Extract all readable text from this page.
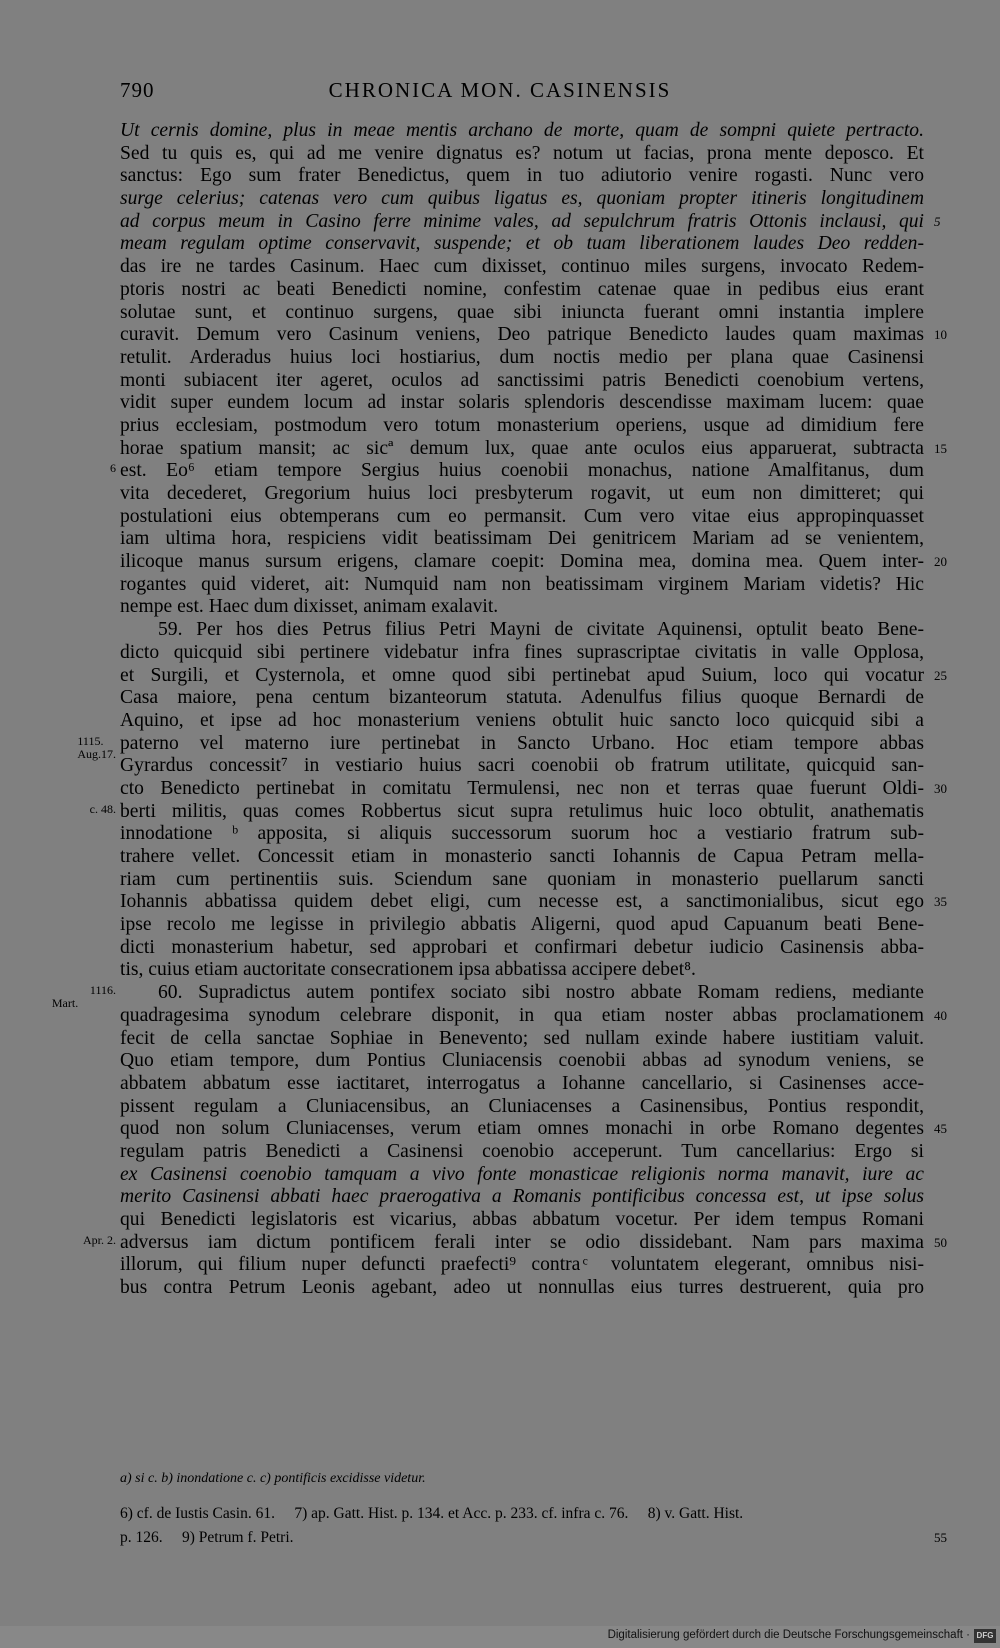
790	CHRONICA MON. CASINENSIS
Ut cernis domine, plus in meae mentis archano de morte, quam de sompni quiete pertracto.
Sed tu quis es, qui ad me venire dignatus es? notum ut facias, prona mente deposco. Et
sanctus: Ego sum frater Benedictus, quem in tuo adiutorio venire rogasti. Nunc vero
surge celerius; catenas vero cum quibus ligatus es, quoniam propter itineris longitudinem
ad corpus meum in Casino ferre minime vales, ad sepulchrum fratris Ottonis inclausi, qui 5
meam regulam optime conservavit, suspende; et ob tuam liberationem laudes Deo redden-
das ire ne tardes Casinum. Haec cum dixisset, continuo miles surgens, invocato Redem-
ptoris nostri ac beati Benedicti nomine, confestim catenae quae in pedibus eius erant
solutae sunt, et continuo surgens, quae sibi iniuncta fuerant omni instantia implere
curavit. Demum vero Casinum veniens, Deo patrique Benedicto laudes quam maximas 10
retulit. Arderadus huius loci hostiarius, dum noctis medio per plana quae Casinensi
monti subiacent iter ageret, oculos ad sanctissimi patris Benedicti coenobium vertens,
vidit super eundem locum ad instar solaris splendoris descendisse maximam lucem: quae
prius ecclesiam, postmodum vero totum monasterium operiens, usque ad dimidium fere
horae spatium mansit; ac sicª demum lux, quae ante oculos eius apparuerat, subtracta 15
est. Eo⁶ etiam tempore Sergius huius coenobii monachus, natione Amalfitanus, dum
6
vita decederet, Gregorium huius loci presbyterum rogavit, ut eum non dimitteret; qui
postulationi eius obtemperans cum eo permansit. Cum vero vitae eius appropinquasset
iam ultima hora, respiciens vidit beatissimam Dei genitricem Mariam ad se venientem,
ilicoque manus sursum erigens, clamare coepit: Domina mea, domina mea. Quem inter- 20
rogantes quid videret, ait: Numquid nam non beatissimam virginem Mariam videtis? Hic
nempe est. Haec dum dixisset, animam exalavit.
59. Per hos dies Petrus filius Petri Mayni de civitate Aquinensi, optulit beato Bene-
dicto quicquid sibi pertinere videbatur infra fines suprascriptae civitatis in valle Opplosa,
et Surgili, et Cysternola, et omne quod sibi pertinebat apud Suium, loco qui vocatur 25
Casa maiore, pena centum bizanteorum statuta. Adenulfus filius quoque Bernardi de
Aquino, et ipse ad hoc monasterium veniens obtulit huic sancto loco quicquid sibi a
paterno vel materno iure pertinebat in Sancto Urbano. Hoc etiam tempore abbas
1115.
Aug.17.
Gyrardus concessit⁷ in vestiario huius sacri coenobii ob fratrum utilitate, quicquid san-
cto Benedicto pertinebat in comitatu Termulensi, nec non et terras quae fuerunt Oldi- 30
berti militis, quas comes Robbertus sicut supra retulimus huic loco obtulit, anathematis
c. 48.
innodatione ᵇ apposita, si aliquis successorum suorum hoc a vestiario fratrum sub-
trahere vellet. Concessit etiam in monasterio sancti Iohannis de Capua Petram mella-
riam cum pertinentiis suis. Sciendum sane quoniam in monasterio puellarum sancti
Iohannis abbatissa quidem debet eligi, cum necesse est, a sanctimonialibus, sicut ego 35
ipse recolo me legisse in privilegio abbatis Aligerni, quod apud Capuanum beati Bene-
dicti monasterium habetur, sed approbari et confirmari debetur iudicio Casinensis abba-
tis, cuius etiam auctoritate consecrationem ipsa abbatissa accipere debet⁸.
60. Supradictus autem pontifex sociato sibi nostro abbate Romam rediens, mediante
1116.
Mart.
quadragesima synodum celebrare disponit, in qua etiam noster abbas proclamationem 40
fecit de cella sanctae Sophiae in Benevento; sed nullam exinde habere iustitiam valuit.
Quo etiam tempore, dum Pontius Cluniacensis coenobii abbas ad synodum veniens, se
abbatem abbatum esse iactitaret, interrogatus a Iohanne cancellario, si Casinenses acce-
pissent regulam a Cluniacensibus, an Cluniacenses a Casinensibus, Pontius respondit,
quod non solum Cluniacenses, verum etiam omnes monachi in orbe Romano degentes 45
regulam patris Benedicti a Casinensi coenobio acceperunt. Tum cancellarius: Ergo si
ex Casinensi coenobio tamquam a vivo fonte monasticae religionis norma manavit, iure ac
merito Casinensi abbati haec praerogativa a Romanis pontificibus concessa est, ut ipse solus
qui Benedicti legislatoris est vicarius, abbas abbatum vocetur. Per idem tempus Romani
adversus iam dictum pontificem ferali inter se odio dissidebant. Nam pars maxima 50
Apr. 2.
illorum, qui filium nuper defuncti praefecti⁹ contra ͨ voluntatem elegerant, omnibus nisi-
bus contra Petrum Leonis agebant, adeo ut nonnullas eius turres destruerent, quia pro
a) si c. b) inondatione c. c) pontificis excidisse videtur.
6) cf. de Iustis Casin. 61.     7) ap. Gatt. Hist. p. 134. et Acc. p. 233. cf. infra c. 76.     8) v. Gatt. Hist.
p. 126.     9) Petrum f. Petri.	55
Digitalisierung gefördert durch die Deutsche Forschungsgemeinschaft · DFG
